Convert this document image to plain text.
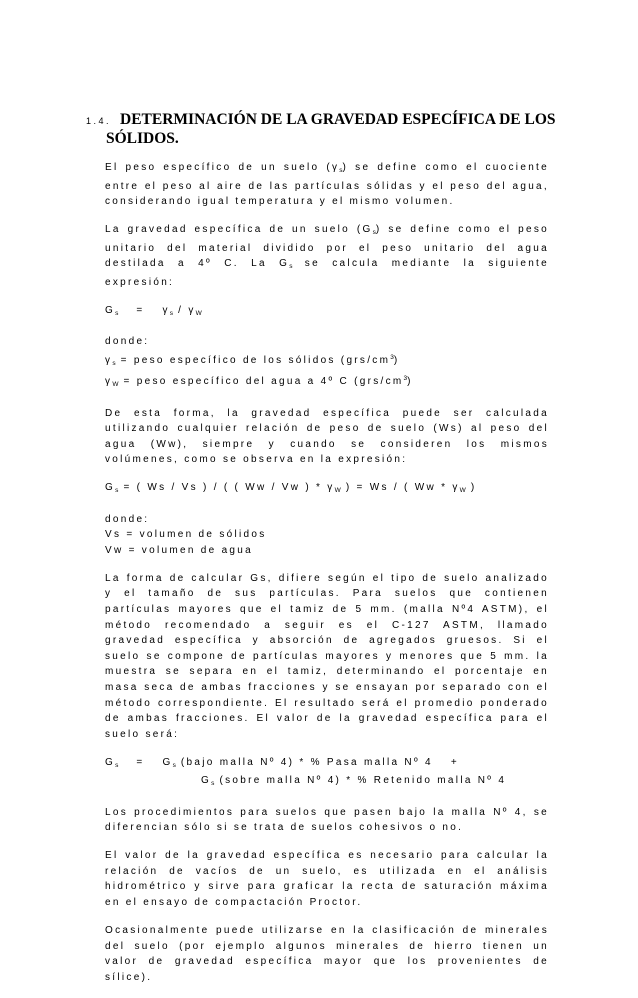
1.4. DETERMINACIÓN DE LA GRAVEDAD ESPECÍFICA DE LOS
SÓLIDOS.

El peso específico de un suelo $(\gamma_s)$ se define como el cuociente entre el peso al aire de las partículas sólidas y el peso del agua, considerando igual temperatura y el mismo volumen.

La gravedad específica de un suelo $(G_s)$ se define como el peso unitario del material dividido por el peso unitario del agua destilada a 4º C. La $G_s$ se calcula mediante la siguiente expresión:

$G_s = \gamma_s / \gamma_W$

donde:
$\gamma_s$ = peso específico de los sólidos $(grs/cm^3)$
$\gamma_W$ = peso específico del agua a 4º C $(grs/cm^3)$

De esta forma, la gravedad específica puede ser calculada utilizando cualquier relación de peso de suelo (Ws) al peso del agua (Ww), siempre y cuando se consideren los mismos volúmenes, como se observa en la expresión:

$G_s$ = ( Ws / Vs ) / ( ( Ww / Vw ) * $\gamma_W$ ) = Ws / ( Ww * $\gamma_W$ )

donde:
Vs = volumen de sólidos
Vw = volumen de agua

La forma de calcular Gs, difiere según el tipo de suelo analizado y el tamaño de sus partículas. Para suelos que contienen partículas mayores que el tamiz de 5 mm. (malla Nº4 ASTM), el método recomendado a seguir es el C-127 ASTM, llamado gravedad específica y absorción de agregados gruesos. Si el suelo se compone de partículas mayores y menores que 5 mm. la muestra se separa en el tamiz, determinando el porcentaje en masa seca de ambas fracciones y se ensayan por separado con el método correspondiente. El resultado será el promedio ponderado de ambas fracciones. El valor de la gravedad específica para el suelo será:

$G_s = G_s$ (bajo malla Nº 4) * % Pasa malla Nº 4 +
$G_s$ (sobre malla Nº 4) * % Retenido malla Nº 4

Los procedimientos para suelos que pasen bajo la malla Nº 4, se diferencian sólo si se trata de suelos cohesivos o no.

El valor de la gravedad específica es necesario para calcular la relación de vacíos de un suelo, es utilizada en el análisis hidrométrico y sirve para graficar la recta de saturación máxima en el ensayo de compactación Proctor.

Ocasionalmente puede utilizarse en la clasificación de minerales del suelo (por ejemplo algunos minerales de hierro tienen un valor de gravedad específica mayor que los provenientes de sílice).
